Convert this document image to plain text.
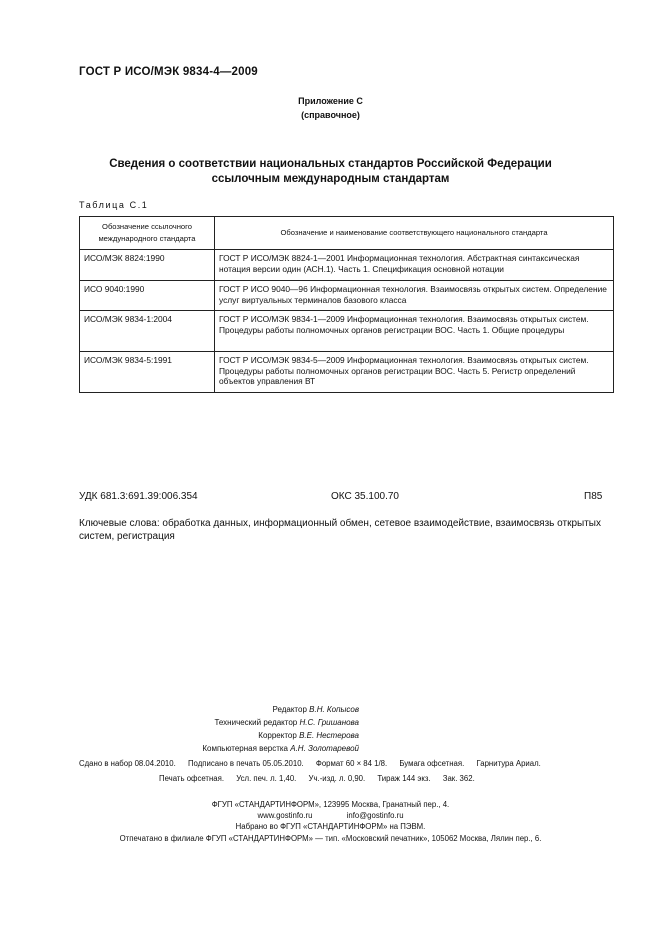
ГОСТ Р ИСО/МЭК 9834-4—2009
Приложение С
(справочное)
Сведения о соответствии национальных стандартов Российской Федерации
ссылочным международным стандартам
Таблица С.1
Обозначение ссылочного международного стандарта	Обозначение и наименование соответствующего национального стандарта
ИСО/МЭК 8824:1990	ГОСТ Р ИСО/МЭК 8824-1—2001 Информационная технология. Абстрактная синтаксическая нотация версии один (АСН.1). Часть 1. Спецификация основной нотации
ИСО 9040:1990	ГОСТ Р ИСО 9040—96 Информационная технология. Взаимосвязь открытых систем. Определение услуг виртуальных терминалов базового класса
ИСО/МЭК 9834-1:2004	ГОСТ Р ИСО/МЭК 9834-1—2009 Информационная технология. Взаимосвязь открытых систем. Процедуры работы полномочных органов регистрации ВОС. Часть 1. Общие процедуры
ИСО/МЭК 9834-5:1991	ГОСТ Р ИСО/МЭК 9834-5—2009 Информационная технология. Взаимосвязь открытых систем. Процедуры работы полномочных органов регистрации ВОС. Часть 5. Регистр определений объектов управления ВТ
УДК 681.3:691.39:006.354	ОКС 35.100.70	П85
Ключевые слова: обработка данных, информационный обмен, сетевое взаимодействие, взаимосвязь открытых систем, регистрация
Редактор В.Н. Копысов
Технический редактор Н.С. Гришанова
Корректор В.Е. Нестерова
Компьютерная верстка А.Н. Золотаревой
Сдано в набор 08.04.2010. Подписано в печать 05.05.2010. Формат 60 × 84 1/8. Бумага офсетная. Гарнитура Ариал.
Печать офсетная. Усл. печ. л. 1,40. Уч.-изд. л. 0,90. Тираж 144 экз. Зак. 362.
ФГУП «СТАНДАРТИНФОРМ», 123995 Москва, Гранатный пер., 4.
www.gostinfo.ru	info@gostinfo.ru
Набрано во ФГУП «СТАНДАРТИНФОРМ» на ПЭВМ.
Отпечатано в филиале ФГУП «СТАНДАРТИНФОРМ» — тип. «Московский печатник», 105062 Москва, Лялин пер., 6.
